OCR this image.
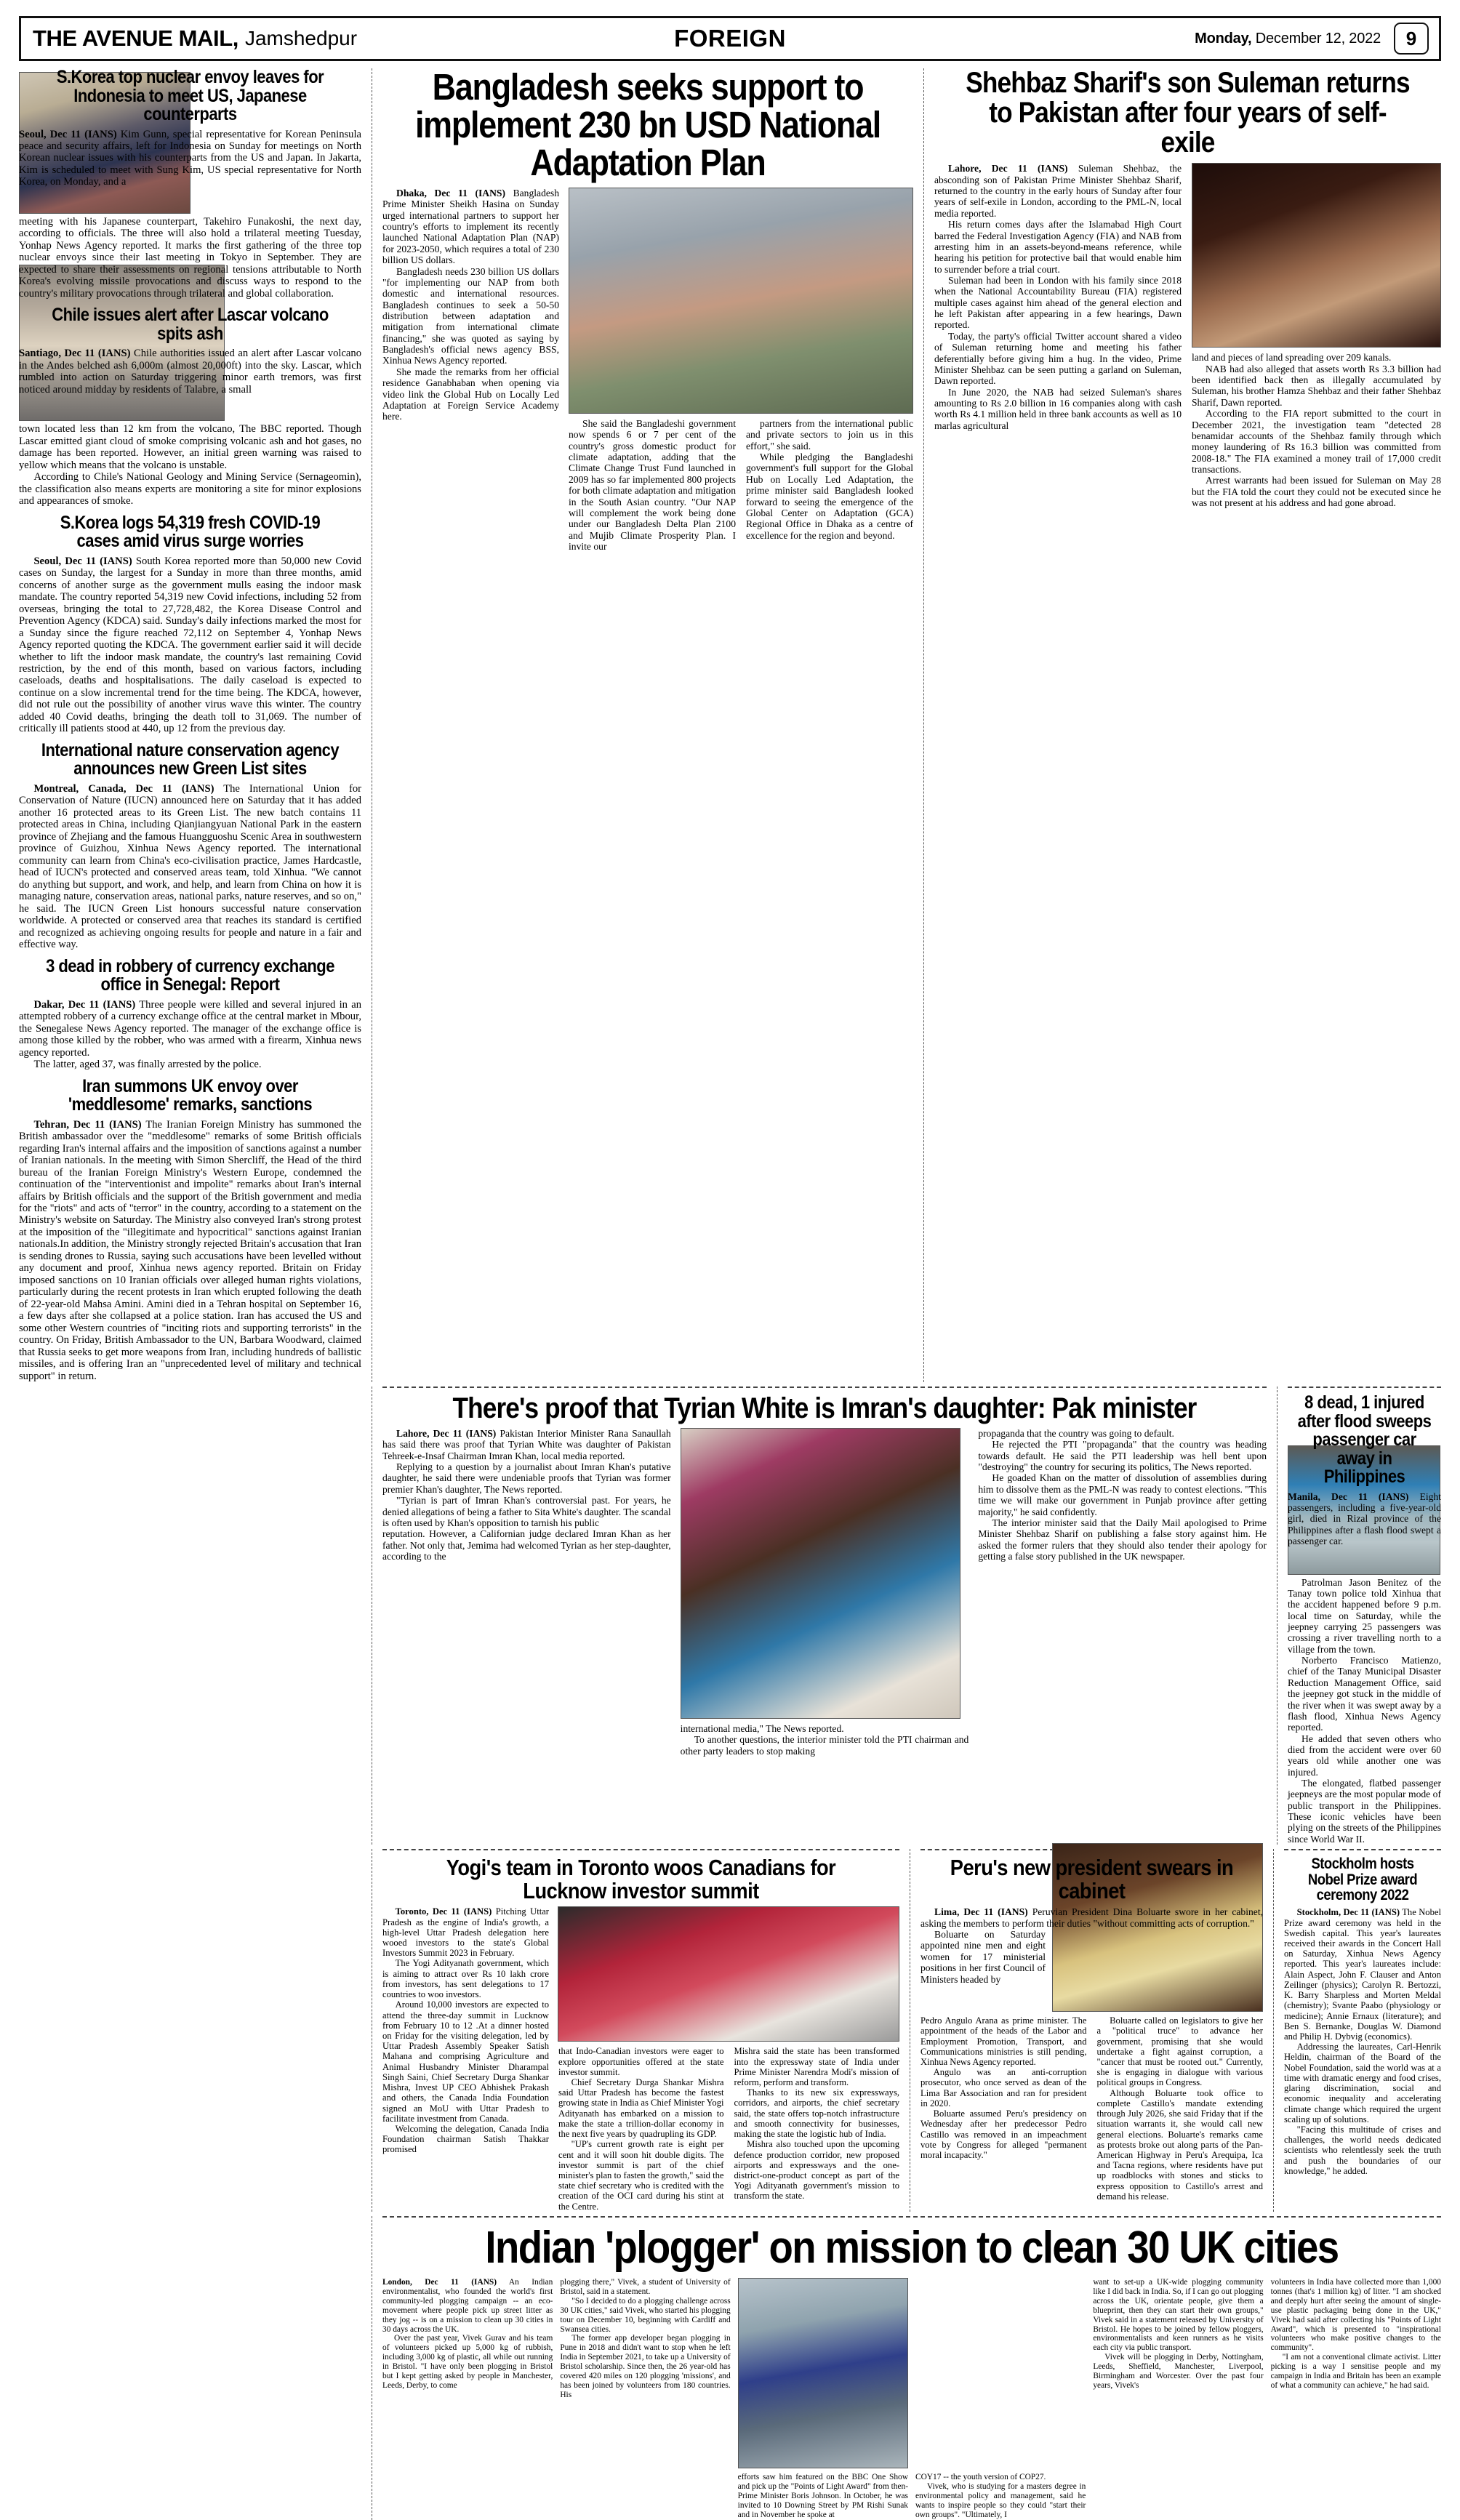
THE AVENUE MAIL, Jamshedpur	FOREIGN	Monday, December 12, 2022	9
S.Korea top nuclear envoy leaves for Indonesia to meet US, Japanese counterparts

Seoul, Dec 11 (IANS) Kim Gunn, special representative for Korean Peninsula peace and security affairs, left for Indonesia on Sunday for meetings on North Korean nuclear issues with his counterparts from the US and Japan. In Jakarta, Kim is scheduled to meet with Sung Kim, US special representative for North Korea, on Monday, and a

meeting with his Japanese counterpart, Takehiro Funakoshi, the next day, according to officials. The three will also hold a trilateral meeting Tuesday, Yonhap News Agency reported. It marks the first gathering of the three top nuclear envoys since their last meeting in Tokyo in September. They are expected to share their assessments on regional tensions attributable to North Korea's evolving missile provocations and discuss ways to respond to the country's military provocations through trilateral and global collaboration.

Chile issues alert after Lascar volcano spits ash

Santiago, Dec 11 (IANS) Chile authorities issued an alert after Lascar volcano in the Andes belched ash 6,000m (almost 20,000ft) into the sky. Lascar, which rumbled into action on Saturday triggering minor earth tremors, was first noticed around midday by residents of Talabre, a small

town located less than 12 km from the volcano, The BBC reported. Though Lascar emitted giant cloud of smoke comprising volcanic ash and hot gases, no damage has been reported. However, an initial green warning was raised to yellow which means that the volcano is unstable.

According to Chile's National Geology and Mining Service (Sernageomin), the classification also means experts are monitoring a site for minor explosions and appearances of smoke.

S.Korea logs 54,319 fresh COVID-19 cases amid virus surge worries

Seoul, Dec 11 (IANS) South Korea reported more than 50,000 new Covid cases on Sunday, the largest for a Sunday in more than three months, amid concerns of another surge as the government mulls easing the indoor mask mandate. The country reported 54,319 new Covid infections, including 52 from overseas, bringing the total to 27,728,482, the Korea Disease Control and Prevention Agency (KDCA) said. Sunday's daily infections marked the most for a Sunday since the figure reached 72,112 on September 4, Yonhap News Agency reported quoting the KDCA. The government earlier said it will decide whether to lift the indoor mask mandate, the country's last remaining Covid restriction, by the end of this month, based on various factors, including caseloads, deaths and hospitalisations. The daily caseload is expected to continue on a slow incremental trend for the time being. The KDCA, however, did not rule out the possibility of another virus wave this winter. The country added 40 Covid deaths, bringing the death toll to 31,069. The number of critically ill patients stood at 440, up 12 from the previous day.

International nature conservation agency announces new Green List sites

Montreal, Canada, Dec 11 (IANS) The International Union for Conservation of Nature (IUCN) announced here on Saturday that it has added another 16 protected areas to its Green List. The new batch contains 11 protected areas in China, including Qianjiangyuan National Park in the eastern province of Zhejiang and the famous Huangguoshu Scenic Area in southwestern province of Guizhou, Xinhua News Agency reported. The international community can learn from China's eco-civilisation practice, James Hardcastle, head of IUCN's protected and conserved areas team, told Xinhua. "We cannot do anything but support, and work, and help, and learn from China on how it is managing nature, conservation areas, national parks, nature reserves, and so on," he said. The IUCN Green List honours successful nature conservation worldwide. A protected or conserved area that reaches its standard is certified and recognized as achieving ongoing results for people and nature in a fair and effective way.

3 dead in robbery of currency exchange office in Senegal: Report

Dakar, Dec 11 (IANS) Three people were killed and several injured in an attempted robbery of a currency exchange office at the central market in Mbour, the Senegalese News Agency reported. The manager of the exchange office is among those killed by the robber, who was armed with a firearm, Xinhua news agency reported.

The latter, aged 37, was finally arrested by the police.

Iran summons UK envoy over 'meddlesome' remarks, sanctions

Tehran, Dec 11 (IANS) The Iranian Foreign Ministry has summoned the British ambassador over the "meddlesome" remarks of some British officials regarding Iran's internal affairs and the imposition of sanctions against a number of Iranian nationals. In the meeting with Simon Shercliff, the Head of the third bureau of the Iranian Foreign Ministry's Western Europe, condemned the continuation of the "interventionist and impolite" remarks about Iran's internal affairs by British officials and the support of the British government and media for the "riots" and acts of "terror" in the country, according to a statement on the Ministry's website on Saturday. The Ministry also conveyed Iran's strong protest at the imposition of the "illegitimate and hypocritical" sanctions against Iranian nationals.In addition, the Ministry strongly rejected Britain's accusation that Iran is sending drones to Russia, saying such accusations have been levelled without any document and proof, Xinhua news agency reported. Britain on Friday imposed sanctions on 10 Iranian officials over alleged human rights violations, particularly during the recent protests in Iran which erupted following the death of 22-year-old Mahsa Amini. Amini died in a Tehran hospital on September 16, a few days after she collapsed at a police station. Iran has accused the US and some other Western countries of "inciting riots and supporting terrorists" in the country. On Friday, British Ambassador to the UN, Barbara Woodward, claimed that Russia seeks to get more weapons from Iran, including hundreds of ballistic missiles, and is offering Iran an "unprecedented level of military and technical support" in return.

Bangladesh seeks support to implement 230 bn USD National Adaptation Plan

Dhaka, Dec 11 (IANS) Bangladesh Prime Minister Sheikh Hasina on Sunday urged international partners to support her country's efforts to implement its recently launched National Adaptation Plan (NAP) for 2023-2050, which requires a total of 230 billion US dollars.

Bangladesh needs 230 billion US dollars "for implementing our NAP from both domestic and international resources. Bangladesh continues to seek a 50-50 distribution between adaptation and mitigation from international climate financing," she was quoted as saying by Bangladesh's official news agency BSS, Xinhua News Agency reported.

She made the remarks from her official residence Ganabhaban when opening via video link the Global Hub on Locally Led Adaptation at Foreign Service Academy here.

She said the Bangladeshi government now spends 6 or 7 per cent of the country's gross domestic product for climate adaptation, adding that the Climate Change Trust Fund launched in 2009 has so far implemented 800 projects for both climate adaptation and mitigation in the South Asian country. "Our NAP will complement the work being done under our Bangladesh Delta Plan 2100 and Mujib Climate Prosperity Plan. I invite our

partners from the international public and private sectors to join us in this effort," she said.

While pledging the Bangladeshi government's full support for the Global Hub on Locally Led Adaptation, the prime minister said Bangladesh looked forward to seeing the emergence of the Global Center on Adaptation (GCA) Regional Office in Dhaka as a centre of excellence for the region and beyond.

Shehbaz Sharif's son Suleman returns to Pakistan after four years of self-exile

Lahore, Dec 11 (IANS) Suleman Shehbaz, the absconding son of Pakistan Prime Minister Shehbaz Sharif, returned to the country in the early hours of Sunday after four years of self-exile in London, according to the PML-N, local media reported.

His return comes days after the Islamabad High Court barred the Federal Investigation Agency (FIA) and NAB from arresting him in an assets-beyond-means reference, while hearing his petition for protective bail that would enable him to surrender before a trial court.

Suleman had been in London with his family since 2018 when the National Accountability Bureau (FIA) registered multiple cases against him ahead of the general election and he left Pakistan after appearing in a few hearings, Dawn reported.

Today, the party's official Twitter account shared a video of Suleman returning home and meeting his father deferentially before giving him a hug. In the video, Prime Minister Shehbaz can be seen putting a garland on Suleman, Dawn reported.

In June 2020, the NAB had seized Suleman's shares amounting to Rs 2.0 billion in 16 companies along with cash worth Rs 4.1 million held in three bank accounts as well as 10 marlas agricultural

land and pieces of land spreading over 209 kanals.

NAB had also alleged that assets worth Rs 3.3 billion had been identified back then as illegally accumulated by Suleman, his brother Hamza Shehbaz and their father Shehbaz Sharif, Dawn reported.

According to the FIA report submitted to the court in December 2021, the investigation team "detected 28 benamidar accounts of the Shehbaz family through which money laundering of Rs 16.3 billion was committed from 2008-18." The FIA examined a money trail of 17,000 credit transactions.

Arrest warrants had been issued for Suleman on May 28 but the FIA told the court they could not be executed since he was not present at his address and had gone abroad.

There's proof that Tyrian White is Imran's daughter: Pak minister

Lahore, Dec 11 (IANS) Pakistan Interior Minister Rana Sanaullah has said there was proof that Tyrian White was daughter of Pakistan Tehreek-e-Insaf Chairman Imran Khan, local media reported.

Replying to a question by a journalist about Imran Khan's putative daughter, he said there were undeniable proofs that Tyrian was former premier Khan's daughter, The News reported.

"Tyrian is part of Imran Khan's controversial past. For years, he denied allegations of being a father to Sita White's daughter. The scandal is often used by Khan's opposition to tarnish his public

reputation. However, a Californian judge declared Imran Khan as her father. Not only that, Jemima had welcomed Tyrian as her step-daughter, according to the

international media," The News reported.

To another questions, the interior minister told the PTI chairman and other party leaders to stop making

propaganda that the country was going to default.

He rejected the PTI "propaganda" that the country was heading towards default. He said the PTI leadership was hell bent upon "destroying" the country for securing its politics, The News reported.

He goaded Khan on the matter of dissolution of assemblies during him to dissolve them as the PML-N was ready to contest elections. "This time we will make our government in Punjab province after getting majority," he said confidently.

The interior minister said that the Daily Mail apologised to Prime Minister Shehbaz Sharif on publishing a false story against him. He asked the former rulers that they should also tender their apology for getting a false story published in the UK newspaper.

8 dead, 1 injured after flood sweeps passenger car away in Philippines

Manila, Dec 11 (IANS) Eight passengers, including a five-year-old girl, died in Rizal province of the Philippines after a flash flood swept a passenger car.

Patrolman Jason Benitez of the Tanay town police told Xinhua that the accident happened before 9 p.m. local time on Saturday, while the jeepney carrying 25 passengers was crossing a river travelling north to a village from the town.

Norberto Francisco Matienzo, chief of the Tanay Municipal Disaster Reduction Management Office, said the jeepney got stuck in the middle of the river when it was swept away by a flash flood, Xinhua News Agency reported.

He added that seven others who died from the accident were over 60 years old while another one was injured.

The elongated, flatbed passenger jeepneys are the most popular mode of public transport in the Philippines. These iconic vehicles have been plying on the streets of the Philippines since World War II.

Yogi's team in Toronto woos Canadians for Lucknow investor summit

Toronto, Dec 11 (IANS) Pitching Uttar Pradesh as the engine of India's growth, a high-level Uttar Pradesh delegation here wooed investors to the state's Global Investors Summit 2023 in February.

The Yogi Adityanath government, which is aiming to attract over Rs 10 lakh crore from investors, has sent delegations to 17 countries to woo investors.

Around 10,000 investors are expected to attend the three-day summit in Lucknow from February 10 to 12 .At a dinner hosted on Friday for the visiting delegation, led by Uttar Pradesh Assembly Speaker Satish Mahana and comprising Agriculture and Animal Husbandry Minister Dharampal Singh Saini, Chief Secretary Durga Shankar Mishra, Invest UP CEO Abhishek Prakash and others, the Canada India Foundation signed an MoU with Uttar Pradesh to facilitate investment from Canada.

Welcoming the delegation, Canada India Foundation chairman Satish Thakkar promised

that Indo-Canadian investors were eager to explore opportunities offered at the state investor summit.

Chief Secretary Durga Shankar Mishra said Uttar Pradesh has become the fastest growing state in India as Chief Minister Yogi Adityanath has embarked on a mission to make the state a trillion-dollar economy in the next five years by quadrupling its GDP.

"UP's current growth rate is eight per cent and it will soon hit double digits. The investor summit is part of the chief minister's plan to fasten the growth," said the state chief secretary who is credited with the creation of the OCI card during his stint at the Centre.

Mishra said the state has been transformed into the expressway state of India under Prime Minister Narendra Modi's mission of reform, perform and transform.

Thanks to its new six expressways, corridors, and airports, the chief secretary said, the state offers top-notch infrastructure and smooth connectivity for businesses, making the state the logistic hub of India.

Mishra also touched upon the upcoming defence production corridor, new proposed airports and expressways and the one-district-one-product concept as part of the Yogi Adityanath government's mission to transform the state.

Peru's new president swears in cabinet

Lima, Dec 11 (IANS) Peruvian President Dina Boluarte swore in her cabinet, asking the members to perform their duties "without committing acts of corruption."

Boluarte on Saturday appointed nine men and eight women for 17 ministerial positions in her first Council of Ministers headed by

Pedro Angulo Arana as prime minister. The appointment of the heads of the Labor and Employment Promotion, Transport, and Communications ministries is still pending, Xinhua News Agency reported.

Angulo was an anti-corruption prosecutor, who once served as dean of the Lima Bar Association and ran for president in 2020.

Boluarte assumed Peru's presidency on Wednesday after her predecessor Pedro Castillo was removed in an impeachment vote by Congress for alleged "permanent moral incapacity."

Boluarte called on legislators to give her a "political truce" to advance her government, promising that she would undertake a fight against corruption, a "cancer that must be rooted out." Currently, she is engaging in dialogue with various political groups in Congress.

Although Boluarte took office to complete Castillo's mandate extending through July 2026, she said Friday that if the situation warrants it, she would call new general elections. Boluarte's remarks came as protests broke out along parts of the Pan-American Highway in Peru's Arequipa, Ica and Tacna regions, where residents have put up roadblocks with stones and sticks to express opposition to Castillo's arrest and demand his release.

Stockholm hosts Nobel Prize award ceremony 2022

Stockholm, Dec 11 (IANS) The Nobel Prize award ceremony was held in the Swedish capital. This year's laureates received their awards in the Concert Hall on Saturday, Xinhua News Agency reported. This year's laureates include: Alain Aspect, John F. Clauser and Anton Zeilinger (physics); Carolyn R. Bertozzi, K. Barry Sharpless and Morten Meldal (chemistry); Svante Paabo (physiology or medicine); Annie Ernaux (literature); and Ben S. Bernanke, Douglas W. Diamond and Philip H. Dybvig (economics).

Addressing the laureates, Carl-Henrik Heldin, chairman of the Board of the Nobel Foundation, said the world was at a time with dramatic energy and food crises, glaring discrimination, social and economic inequality and accelerating climate change which required the urgent scaling up of solutions.

"Facing this multitude of crises and challenges, the world needs dedicated scientists who relentlessly seek the truth and push the boundaries of our knowledge," he added.

Indian 'plogger' on mission to clean 30 UK cities

London, Dec 11 (IANS) An Indian environmentalist, who founded the world's first community-led plogging campaign -- an eco-movement where people pick up street litter as they jog -- is on a mission to clean up 30 cities in 30 days across the UK.

Over the past year, Vivek Gurav and his team of volunteers picked up 5,000 kg of rubbish, including 3,000 kg of plastic, all while out running in Bristol. "I have only been plogging in Bristol but I kept getting asked by people in Manchester, Leeds, Derby, to come

plogging there," Vivek, a student of University of Bristol, said in a statement.

"So I decided to do a plogging challenge across 30 UK cities," said Vivek, who started his plogging tour on December 10, beginning with Cardiff and Swansea cities.

The former app developer began plogging in Pune in 2018 and didn't want to stop when he left India in September 2021, to take up a University of Bristol scholarship. Since then, the 26 year-old has covered 420 miles on 120 plogging 'missions', and has been joined by volunteers from 180 countries. His

efforts saw him featured on the BBC One Show and pick up the "Points of Light Award" from then-Prime Minister Boris Johnson. In October, he was invited to 10 Downing Street by PM Rishi Sunak and in November he spoke at

COY17 -- the youth version of COP27.

Vivek, who is studying for a masters degree in environmental policy and management, said he wants to inspire people so they could "start their own groups". "Ultimately, I

want to set-up a UK-wide plogging community like I did back in India. So, if I can go out plogging across the UK, orientate people, give them a blueprint, then they can start their own groups," Vivek said in a statement released by University of Bristol. He hopes to be joined by fellow ploggers, environmentalists and keen runners as he visits each city via public transport.

Vivek will be plogging in Derby, Nottingham, Leeds, Sheffield, Manchester, Liverpool, Birmingham and Worcester. Over the past four years, Vivek's

volunteers in India have collected more than 1,000 tonnes (that's 1 million kg) of litter. "I am shocked and deeply hurt after seeing the amount of single-use plastic packaging being done in the UK," Vivek had said after collecting his "Points of Light Award", which is presented to "inspirational volunteers who make positive changes to the community".

"I am not a conventional climate activist. Litter picking is a way I sensitise people and my campaign in India and Britain has been an example of what a community can achieve," he had said.
